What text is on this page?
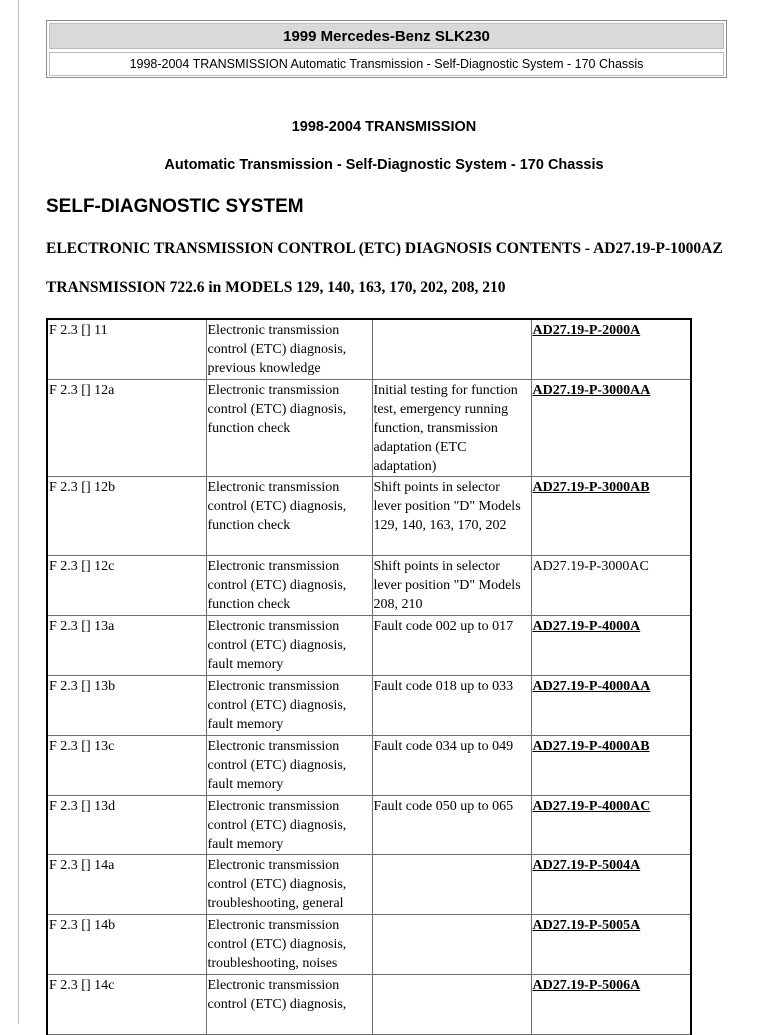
1999 Mercedes-Benz SLK230
1998-2004 TRANSMISSION Automatic Transmission - Self-Diagnostic System - 170 Chassis
1998-2004 TRANSMISSION
Automatic Transmission - Self-Diagnostic System - 170 Chassis
SELF-DIAGNOSTIC SYSTEM
ELECTRONIC TRANSMISSION CONTROL (ETC) DIAGNOSIS CONTENTS - AD27.19-P-1000AZ
TRANSMISSION 722.6 in MODELS 129, 140, 163, 170, 202, 208, 210
F 2.3 [] 11	Electronic transmission control (ETC) diagnosis, previous knowledge		AD27.19-P-2000A
F 2.3 [] 12a	Electronic transmission control (ETC) diagnosis, function check	Initial testing for function test, emergency running function, transmission adaptation (ETC adaptation)	AD27.19-P-3000AA
F 2.3 [] 12b	Electronic transmission control (ETC) diagnosis, function check	Shift points in selector lever position "D" Models 129, 140, 163, 170, 202	AD27.19-P-3000AB
F 2.3 [] 12c	Electronic transmission control (ETC) diagnosis, function check	Shift points in selector lever position "D" Models 208, 210	AD27.19-P-3000AC
F 2.3 [] 13a	Electronic transmission control (ETC) diagnosis, fault memory	Fault code 002 up to 017	AD27.19-P-4000A
F 2.3 [] 13b	Electronic transmission control (ETC) diagnosis, fault memory	Fault code 018 up to 033	AD27.19-P-4000AA
F 2.3 [] 13c	Electronic transmission control (ETC) diagnosis, fault memory	Fault code 034 up to 049	AD27.19-P-4000AB
F 2.3 [] 13d	Electronic transmission control (ETC) diagnosis, fault memory	Fault code 050 up to 065	AD27.19-P-4000AC
F 2.3 [] 14a	Electronic transmission control (ETC) diagnosis, troubleshooting, general		AD27.19-P-5004A
F 2.3 [] 14b	Electronic transmission control (ETC) diagnosis, troubleshooting, noises		AD27.19-P-5005A
F 2.3 [] 14c	Electronic transmission control (ETC) diagnosis,		AD27.19-P-5006A
